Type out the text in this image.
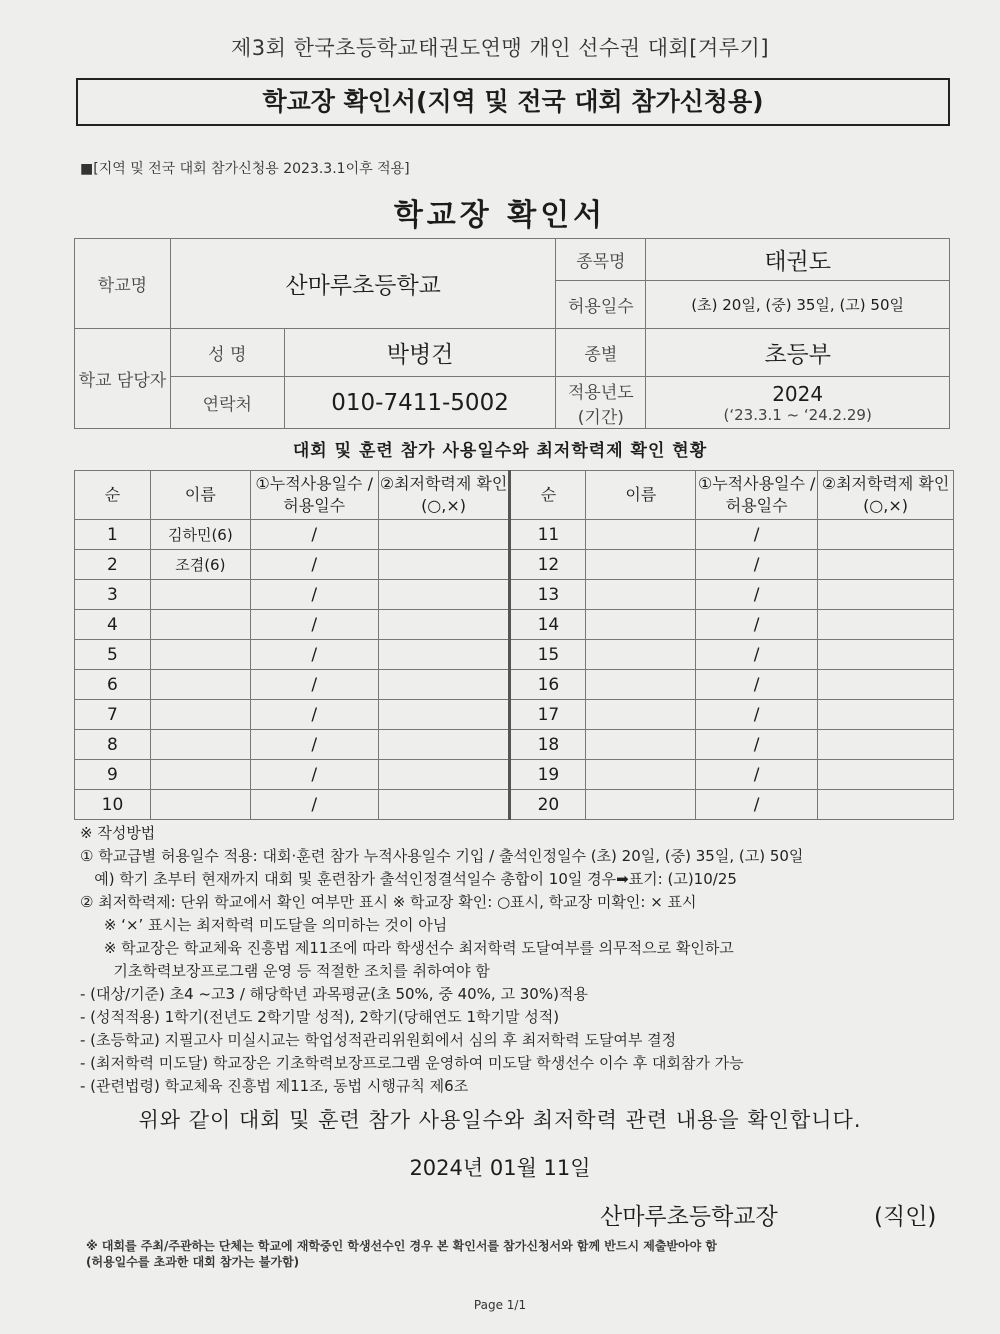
제3회 한국초등학교태권도연맹 개인 선수권 대회[겨루기]
학교장 확인서(지역 및 전국 대회 참가신청용)
■[지역 및 전국 대회 참가신청용 2023.3.1이후 적용]
학교장 확인서
학교명	산마루초등학교		종목명	태권도
			허용일수	(초) 20일, (중) 35일, (고) 50일
학교 담당자	성 명	박병건	종별	초등부
	연락처	010-7411-5002	적용년도 (기간)	2024
(‘23.3.1 ~ ‘24.2.29)
대회 및 훈련 참가 사용일수와 최저학력제 확인 현황
순	이름	①누적사용일수 /허용일수	②최저학력제 확인(○,×)	순	이름	①누적사용일수 /허용일수	②최저학력제 확인(○,×)
1	김하민(6)	/		11		/	
2	조겸(6)	/		12		/	
3		/		13		/	
4		/		14		/	
5		/		15		/	
6		/		16		/	
7		/		17		/	
8		/		18		/	
9		/		19		/	
10		/		20		/	
※ 작성방법
① 학교급별 허용일수 적용: 대회·훈련 참가 누적사용일수 기입 / 출석인정일수 (초) 20일, (중) 35일, (고) 50일
예) 학기 초부터 현재까지 대회 및 훈련참가 출석인정결석일수 총합이 10일 경우➡표기: (고)10/25
② 최저학력제: 단위 학교에서 확인 여부만 표시 ※ 학교장 확인: ○표시, 학교장 미확인: × 표시
※ ‘×’ 표시는 최저학력 미도달을 의미하는 것이 아님
※ 학교장은 학교체육 진흥법 제11조에 따라 학생선수 최저학력 도달여부를 의무적으로 확인하고
기초학력보장프로그램 운영 등 적절한 조치를 취하여야 함
- (대상/기준) 초4 ~고3 / 해당학년 과목평균(초 50%, 중 40%, 고 30%)적용
- (성적적용) 1학기(전년도 2학기말 성적), 2학기(당해연도 1학기말 성적)
- (초등학교) 지필고사 미실시교는 학업성적관리위원회에서 심의 후 최저학력 도달여부 결정
- (최저학력 미도달) 학교장은 기초학력보장프로그램 운영하여 미도달 학생선수 이수 후 대회참가 가능
- (관련법령) 학교체육 진흥법 제11조, 동법 시행규칙 제6조
위와 같이 대회 및 훈련 참가 사용일수와 최저학력 관련 내용을 확인합니다.
2024년 01월 11일
산마루초등학교장	(직인)
※ 대회를 주최/주관하는 단체는 학교에 재학중인 학생선수인 경우 본 확인서를 참가신청서와 함께 반드시 제출받아야 함
(허용일수를 초과한 대회 참가는 불가함)
Page 1/1
